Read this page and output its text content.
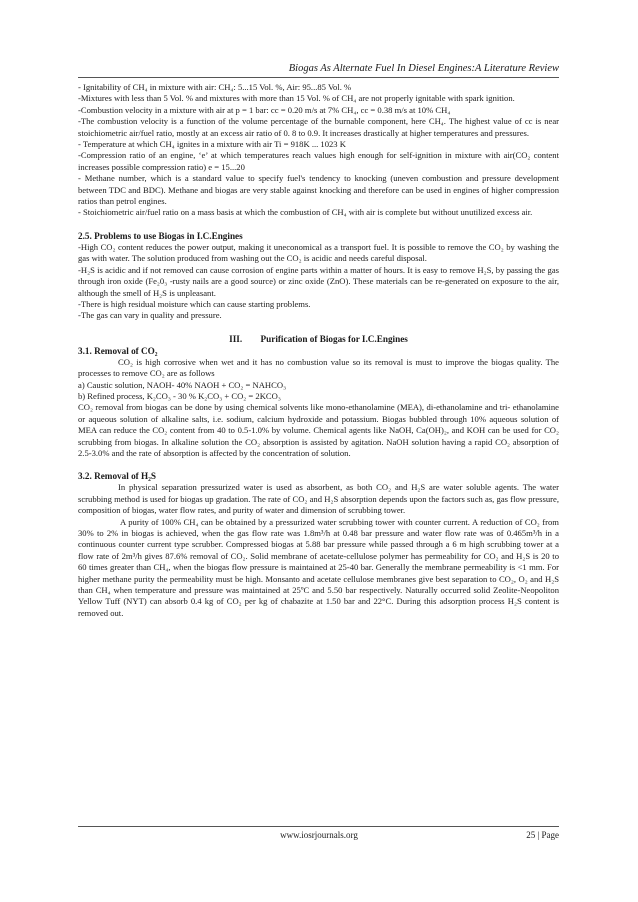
Biogas As Alternate Fuel In Diesel Engines:A Literature Review

- Ignitability of CH₄ in mixture with air: CH₄: 5...15 Vol. %, Air: 95...85 Vol. %

-Mixtures with less than 5 Vol. % and mixtures with more than 15 Vol. % of CH₄ are not properly ignitable with spark ignition.

-Combustion velocity in a mixture with air at p = 1 bar: cc = 0.20 m/s at 7% CH₄, cc = 0.38 m/s at 10% CH₄

-The combustion velocity is a function of the volume percentage of the burnable component, here CH₄. The highest value of cc is near stoichiometric air/fuel ratio, mostly at an excess air ratio of 0. 8 to 0.9. It increases drastically at higher temperatures and pressures.

- Temperature at which CH₄ ignites in a mixture with air Ti = 918K ... 1023 K

-Compression ratio of an engine, ‘e’ at which temperatures reach values high enough for self-ignition in mixture with air(CO₂ content increases possible compression ratio) e = 15...20

- Methane number, which is a standard value to specify fuel's tendency to knocking (uneven combustion and pressure development between TDC and BDC). Methane and biogas are very stable against knocking and therefore can be used in engines of higher compression ratios than petrol engines.

- Stoichiometric air/fuel ratio on a mass basis at which the combustion of CH₄ with air is complete but without unutilized excess air.

2.5. Problems to use Biogas in I.C.Engines

-High CO₂ content reduces the power output, making it uneconomical as a transport fuel. It is possible to remove the CO₂ by washing the gas with water. The solution produced from washing out the CO₂ is acidic and needs careful disposal.

-H₂S is acidic and if not removed can cause corrosion of engine parts within a matter of hours. It is easy to remove H₂S, by passing the gas through iron oxide (Fe₂0₃ -rusty nails are a good source) or zinc oxide (ZnO). These materials can be re-generated on exposure to the air, although the smell of H₂S is unpleasant.

-There is high residual moisture which can cause starting problems.

-The gas can vary in quality and pressure.

III.        Purification of Biogas for I.C.Engines

3.1. Removal of CO₂

CO₂ is high corrosive when wet and it has no combustion value so its removal is must to improve the biogas quality. The processes to remove CO₂ are as follows

a) Caustic solution, NAOH- 40% NAOH + CO₂ = NAHCO₃

b) Refined process, K₂CO₃ - 30 % K₂CO₃ + CO₂ = 2KCO₃

CO₂ removal from biogas can be done by using chemical solvents like mono-ethanolamine (MEA), di-ethanolamine and tri- ethanolamine or aqueous solution of alkaline salts, i.e. sodium, calcium hydroxide and potassium. Biogas bubbled through 10% aqueous solution of MEA can reduce the CO₂ content from 40 to 0.5-1.0% by volume. Chemical agents like NaOH, Ca(OH)₂, and KOH can be used for CO₂ scrubbing from biogas. In alkaline solution the CO₂ absorption is assisted by agitation. NaOH solution having a rapid CO₂ absorption of 2.5-3.0% and the rate of absorption is affected by the concentration of solution.

3.2. Removal of H₂S

In physical separation pressurized water is used as absorbent, as both CO₂ and H₂S are water soluble agents. The water scrubbing method is used for biogas up gradation. The rate of CO₂ and H₂S absorption depends upon the factors such as, gas flow pressure, composition of biogas, water flow rates, and purity of water and dimension of scrubbing tower.

A purity of 100% CH₄ can be obtained by a pressurized water scrubbing tower with counter current. A reduction of CO₂ from 30% to 2% in biogas is achieved, when the gas flow rate was 1.8m³/h at 0.48 bar pressure and water flow rate was of 0.465m³/h in a continuous counter current type scrubber. Compressed biogas at 5.88 bar pressure while passed through a 6 m high scrubbing tower at a flow rate of 2m³/h gives 87.6% removal of CO₂. Solid membrane of acetate-cellulose polymer has permeability for CO₂ and H₂S is 20 to 60 times greater than CH₄, when the biogas flow pressure is maintained at 25-40 bar. Generally the membrane permeability is <1 mm. For higher methane purity the permeability must be high. Monsanto and acetate cellulose membranes give best separation to CO₂, O₂ and H₂S than CH₄ when temperature and pressure was maintained at 25ºC and 5.50 bar respectively. Naturally occurred solid Zeolite-Neopoliton Yellow Tuff (NYT) can absorb 0.4 kg of CO₂ per kg of chabazite at 1.50 bar and 22°C. During this adsorption process H₂S content is removed out.

www.iosrjournals.org	25 | Page
